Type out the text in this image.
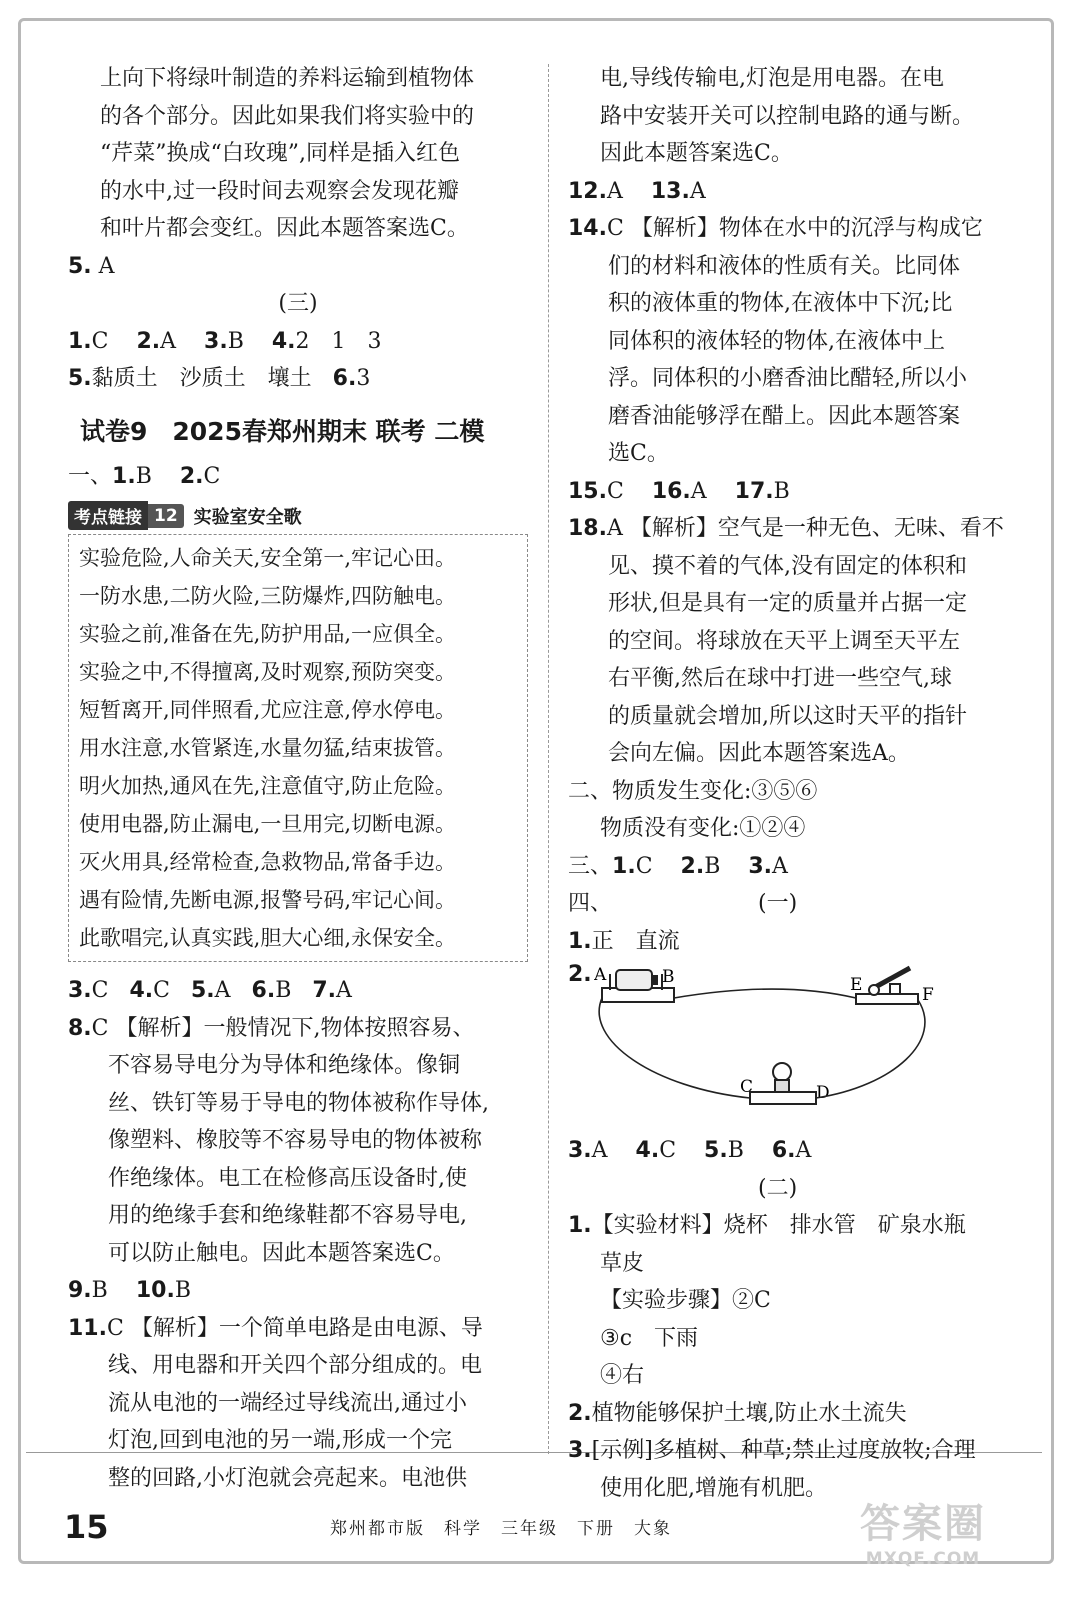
上向下将绿叶制造的养料运输到植物体

的各个部分。因此如果我们将实验中的

“芹菜”换成“白玫瑰”,同样是插入红色

的水中,过一段时间去观察会发现花瓣

和叶片都会变红。因此本题答案选C。

5. A

(三)

1.C 2.A 3.B 4.2　1　3

5.黏质土　沙质土　壤土 6.3

试卷9　2025春郑州期末 联考 二模

一、1.B 2.C

考点链接 12 实验室安全歌

实验危险,人命关天,安全第一,牢记心田。

一防水患,二防火险,三防爆炸,四防触电。

实验之前,准备在先,防护用品,一应俱全。

实验之中,不得擅离,及时观察,预防突变。

短暂离开,同伴照看,尤应注意,停水停电。

用水注意,水管紧连,水量勿猛,结束拔管。

明火加热,通风在先,注意值守,防止危险。

使用电器,防止漏电,一旦用完,切断电源。

灭火用具,经常检查,急救物品,常备手边。

遇有险情,先断电源,报警号码,牢记心间。

此歌唱完,认真实践,胆大心细,永保安全。

3.C 4.C 5.A 6.B 7.A

8.C 【解析】一般情况下,物体按照容易、

不容易导电分为导体和绝缘体。像铜

丝、铁钉等易于导电的物体被称作导体,

像塑料、橡胶等不容易导电的物体被称

作绝缘体。电工在检修高压设备时,使

用的绝缘手套和绝缘鞋都不容易导电,

可以防止触电。因此本题答案选C。

9.B 10.B

11.C 【解析】一个简单电路是由电源、导

线、用电器和开关四个部分组成的。电

流从电池的一端经过导线流出,通过小

灯泡,回到电池的另一端,形成一个完

整的回路,小灯泡就会亮起来。电池供

电,导线传输电,灯泡是用电器。在电

路中安装开关可以控制电路的通与断。

因此本题答案选C。

12.A 13.A

14.C 【解析】物体在水中的沉浮与构成它

们的材料和液体的性质有关。比同体

积的液体重的物体,在液体中下沉;比

同体积的液体轻的物体,在液体中上

浮。同体积的小磨香油比醋轻,所以小

磨香油能够浮在醋上。因此本题答案

选C。

15.C 16.A 17.B

18.A 【解析】空气是一种无色、无味、看不

见、摸不着的气体,没有固定的体积和

形状,但是具有一定的质量并占据一定

的空间。将球放在天平上调至天平左

右平衡,然后在球中打进一些空气,球

的质量就会增加,所以这时天平的指针

会向左偏。因此本题答案选A。

二、物质发生变化:③⑤⑥

物质没有变化:①②④

三、1.C 2.B 3.A

四、	(一)

1.正　直流

2. A	B	E	F
C	D

3.A 4.C 5.B 6.A

(二)

1.【实验材料】烧杯　排水管　矿泉水瓶

草皮

【实验步骤】②C

③c　下雨

④右

2.植物能够保护土壤,防止水土流失

3.[示例]多植树、种草;禁止过度放牧;合理

使用化肥,增施有机肥。

15	郑州都市版　科学　三年级　下册　大象	答案圈
MXQE.COM
